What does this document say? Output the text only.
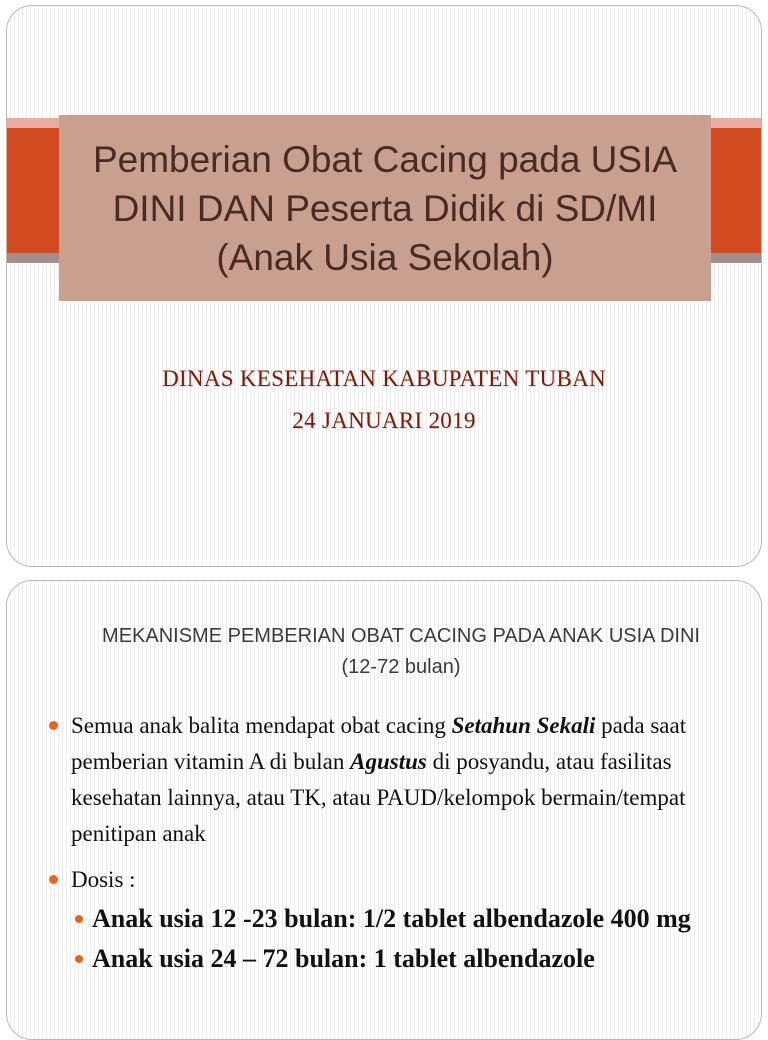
Pemberian Obat Cacing pada USIA DINI DAN Peserta Didik di SD/MI (Anak Usia Sekolah)
DINAS KESEHATAN KABUPATEN TUBAN
24 JANUARI 2019
MEKANISME PEMBERIAN OBAT CACING PADA ANAK USIA DINI
(12-72 bulan)
Semua anak balita mendapat obat cacing Setahun Sekali pada saat pemberian vitamin A di bulan Agustus di posyandu, atau fasilitas kesehatan lainnya, atau TK, atau PAUD/kelompok bermain/tempat penitipan anak
Dosis :
Anak usia 12 -23 bulan: 1/2 tablet albendazole 400 mg
Anak usia 24 – 72 bulan: 1 tablet albendazole
